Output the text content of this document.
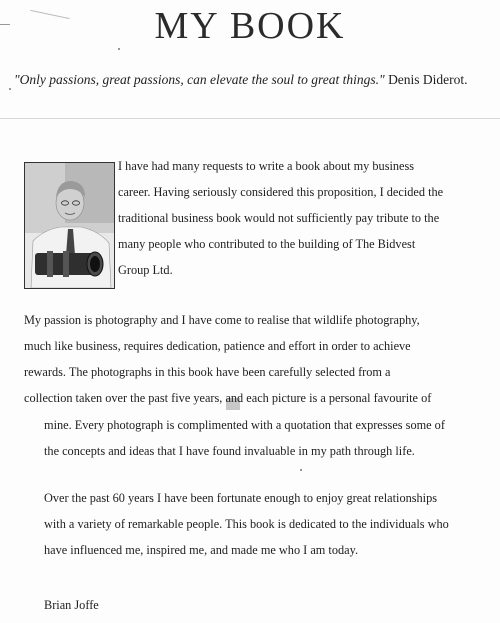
MY BOOK
"Only passions, great passions, can elevate the soul to great things." Denis Diderot.
I have had many requests to write a book about my business
career. Having seriously considered this proposition, I decided the
traditional business book would not sufficiently pay tribute to the
many people who contributed to the building of The Bidvest
Group Ltd.
My passion is photography and I have come to realise that wildlife photography,
much like business, requires dedication, patience and effort in order to achieve
rewards. The photographs in this book have been carefully selected from a
collection taken over the past five years, and each picture is a personal favourite of
mine. Every photograph is complimented with a quotation that expresses some of
the concepts and ideas that I have found invaluable in my path through life.
Over the past 60 years I have been fortunate enough to enjoy great relationships
with a variety of remarkable people. This book is dedicated to the individuals who
have influenced me, inspired me, and made me who I am today.
Brian Joffe
